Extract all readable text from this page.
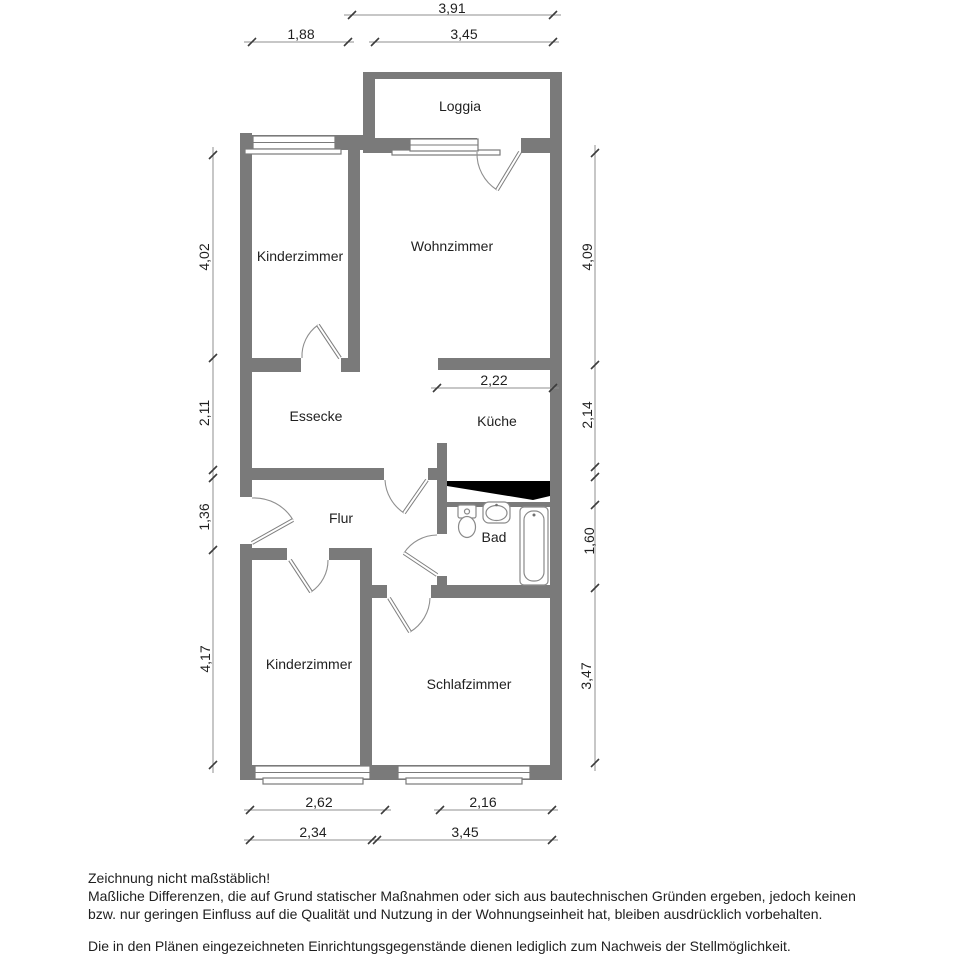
Loggia
Kinderzimmer
Wohnzimmer
Essecke	Küche
Flur
Bad
Kinderzimmer
Schlafzimmer
3,91
1,88	3,45
4,02
2,11
1,36
4,17
4,09
2,14
1,60
3,47
2,22
2,62	2,16
2,34	3,45

Zeichnung nicht maßstäblich!

Maßliche Differenzen, die auf Grund statischer Maßnahmen oder sich aus bautechnischen Gründen ergeben, jedoch keinen

bzw. nur geringen Einfluss auf die Qualität und Nutzung in der Wohnungseinheit hat, bleiben ausdrücklich vorbehalten.

Die in den Plänen eingezeichneten Einrichtungsgegenstände dienen lediglich zum Nachweis der Stellmöglichkeit.
